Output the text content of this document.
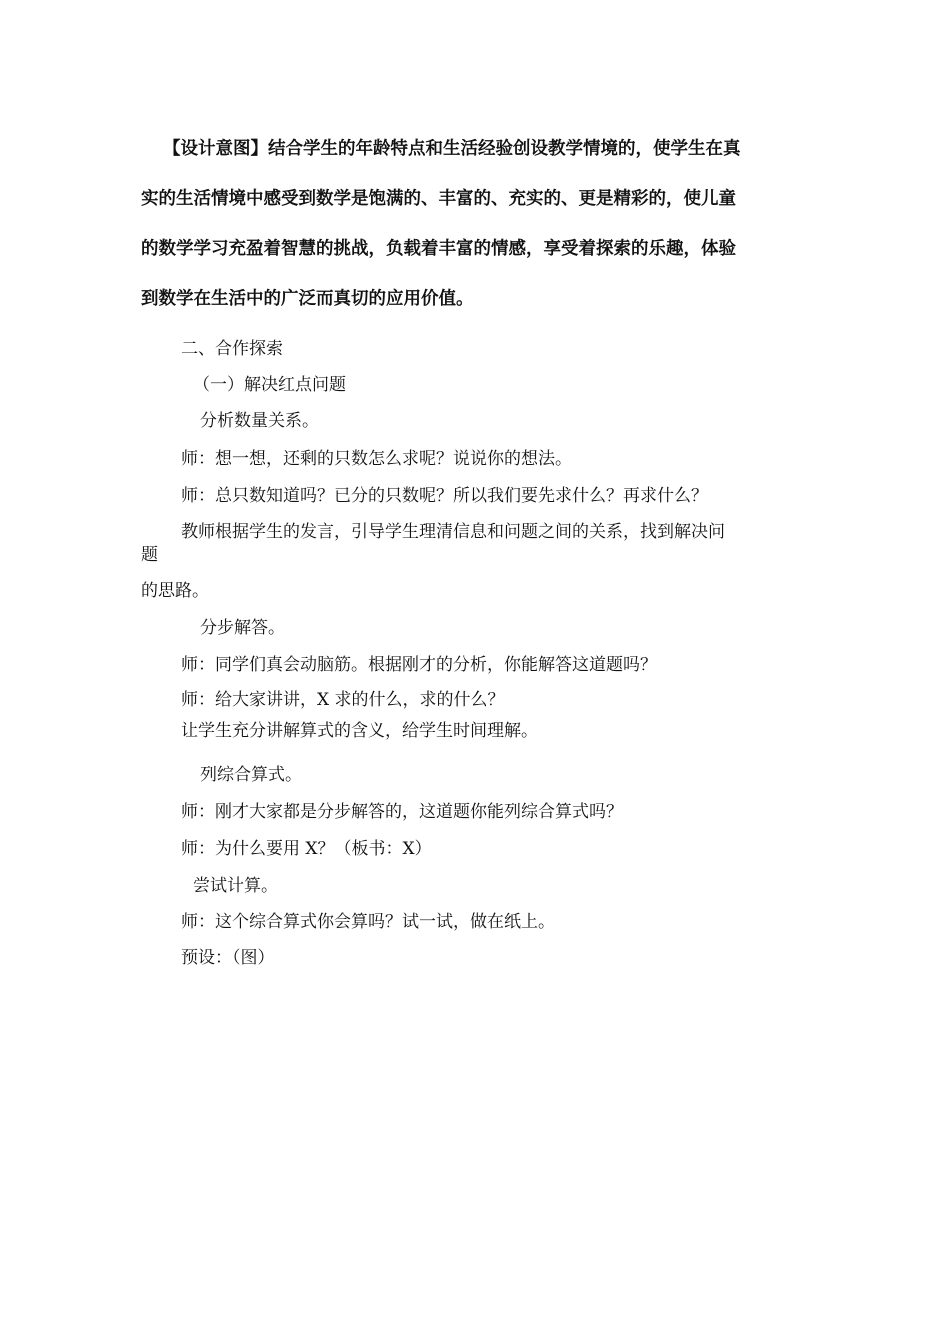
【设计意图】结合学生的年龄特点和生活经验创设教学情境的，使学生在真
实的生活情境中感受到数学是饱满的、丰富的、充实的、更是精彩的，使儿童
的数学学习充盈着智慧的挑战，负载着丰富的情感，享受着探索的乐趣，体验
到数学在生活中的广泛而真切的应用价值。
二、合作探索
（一）解决红点问题
分析数量关系。
师：想一想，还剩的只数怎么求呢？说说你的想法。
师：总只数知道吗？已分的只数呢？所以我们要先求什么？再求什么？
教师根据学生的发言，引导学生理清信息和问题之间的关系，找到解决问
题
的思路。
分步解答。
师：同学们真会动脑筋。根据刚才的分析，你能解答这道题吗？
师：给大家讲讲，X 求的什么，求的什么？
让学生充分讲解算式的含义，给学生时间理解。
列综合算式。
师：刚才大家都是分步解答的，这道题你能列综合算式吗？
师：为什么要用 X？（板书：X）
尝试计算。
师：这个综合算式你会算吗？试一试，做在纸上。
预设：（图）
